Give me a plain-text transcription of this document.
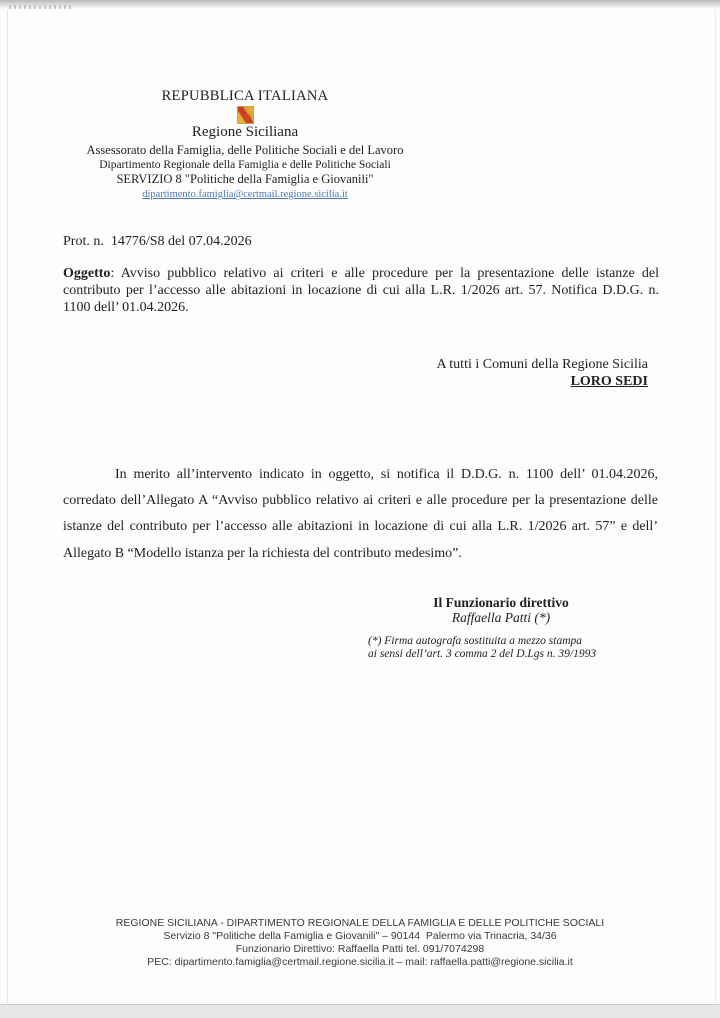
REPUBBLICA ITALIANA
Regione Siciliana
Assessorato della Famiglia, delle Politiche Sociali e del Lavoro
Dipartimento Regionale della Famiglia e delle Politiche Sociali
SERVIZIO 8 "Politiche della Famiglia e Giovanili"
dipartimento.famiglia@certmail.regione.sicilia.it
Prot. n.  14776/S8 del 07.04.2026
Oggetto: Avviso pubblico relativo ai criteri e alle procedure per la presentazione delle istanze del contributo per l’accesso alle abitazioni in locazione di cui alla L.R. 1/2026 art. 57. Notifica D.D.G. n. 1100 dell’ 01.04.2026.
A tutti i Comuni della Regione Sicilia
LORO SEDI
In merito all’intervento indicato in oggetto, si notifica il D.D.G. n. 1100 dell’ 01.04.2026, corredato dell’Allegato A “Avviso pubblico relativo ai criteri e alle procedure per la presentazione delle istanze del contributo per l’accesso alle abitazioni in locazione di cui alla L.R. 1/2026 art. 57” e dell’ Allegato B “Modello istanza per la richiesta del contributo medesimo”.
Il Funzionario direttivo
Raffaella Patti (*)
(*) Firma autografa sostituita a mezzo stampa
ai sensi dell’art. 3 comma 2 del D.Lgs n. 39/1993
REGIONE SICILIANA - DIPARTIMENTO REGIONALE DELLA FAMIGLIA E DELLE POLITICHE SOCIALI
Servizio 8 "Politiche della Famiglia e Giovanili" – 90144  Palermo via Trinacria, 34/36
Funzionario Direttivo: Raffaella Patti tel. 091/7074298
PEC: dipartimento.famiglia@certmail.regione.sicilia.it – mail: raffaella.patti@regione.sicilia.it
